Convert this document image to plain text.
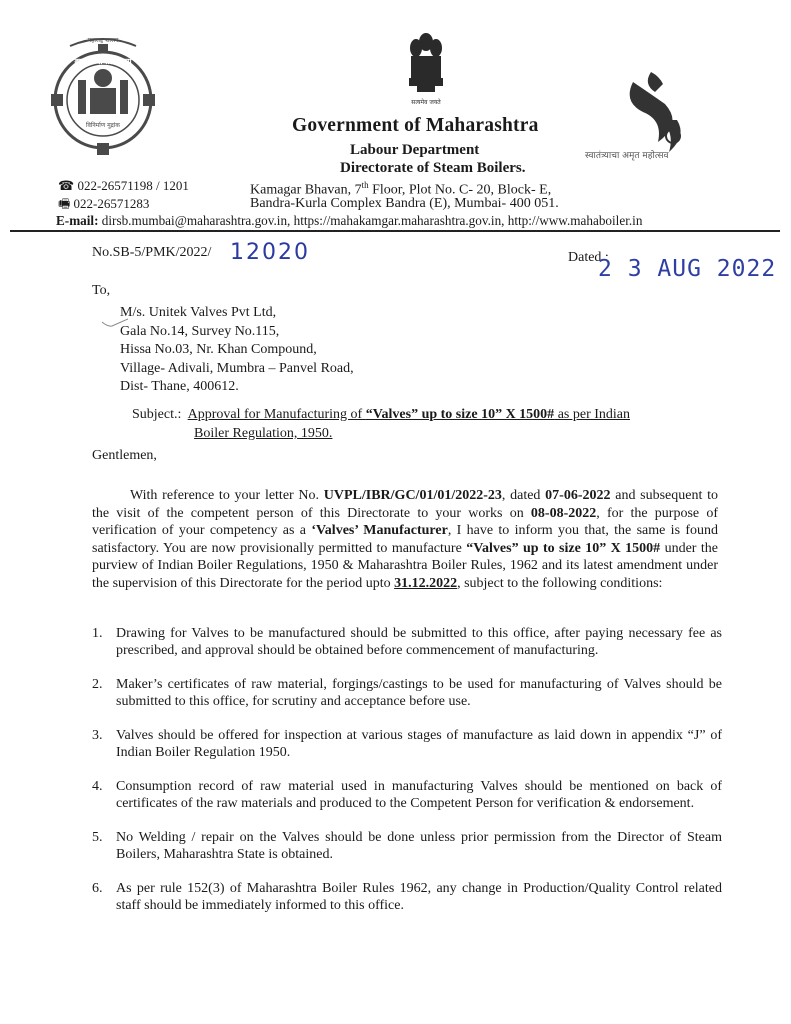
महाराष्ट्र शासन
बाष्पक संचालनालय
विनिर्माण मुद्रांक
सत्यमेव जयते
स्वातंत्र्याचा अमृत महोत्सव
Government of Maharashtra
Labour Department
Directorate of Steam Boilers.
☎ 022-26571198 / 1201
🖷 022-26571283
Kamagar Bhavan, 7th Floor, Plot No. C- 20, Block- E,
Bandra-Kurla Complex Bandra (E), Mumbai- 400 051.
E-mail: dirsb.mumbai@maharashtra.gov.in, https://mahakamgar.maharashtra.gov.in, http://www.mahaboiler.in
No.SB-5/PMK/2022/ 12020	Dated :
2 3 AUG 2022
To,
M/s. Unitek Valves Pvt Ltd,
Gala No.14, Survey No.115,
Hissa No.03, Nr. Khan Compound,
Village- Adivali, Mumbra – Panvel Road,
Dist- Thane, 400612.
Subject.: Approval for Manufacturing of “Valves” up to size 10” X 1500# as per Indian
Boiler Regulation, 1950.
Gentlemen,
With reference to your letter No. UVPL/IBR/GC/01/01/2022-23, dated 07-06-2022 and subsequent to the visit of the competent person of this Directorate to your works on 08-08-2022, for the purpose of verification of your competency as a ‘Valves’ Manufacturer, I have to inform you that, the same is found satisfactory. You are now provisionally permitted to manufacture “Valves” up to size 10” X 1500# under the purview of Indian Boiler Regulations, 1950 & Maharashtra Boiler Rules, 1962 and its latest amendment under the supervision of this Directorate for the period upto 31.12.2022, subject to the following conditions:
1. Drawing for Valves to be manufactured should be submitted to this office, after paying necessary fee as prescribed, and approval should be obtained before commencement of manufacturing.
2. Maker’s certificates of raw material, forgings/castings to be used for manufacturing of Valves should be submitted to this office, for scrutiny and acceptance before use.
3. Valves should be offered for inspection at various stages of manufacture as laid down in appendix “J” of Indian Boiler Regulation 1950.
4. Consumption record of raw material used in manufacturing Valves should be mentioned on back of certificates of the raw materials and produced to the Competent Person for verification & endorsement.
5. No Welding / repair on the Valves should be done unless prior permission from the Director of Steam Boilers, Maharashtra State is obtained.
6. As per rule 152(3) of Maharashtra Boiler Rules 1962, any change in Production/Quality Control related staff should be immediately informed to this office.
